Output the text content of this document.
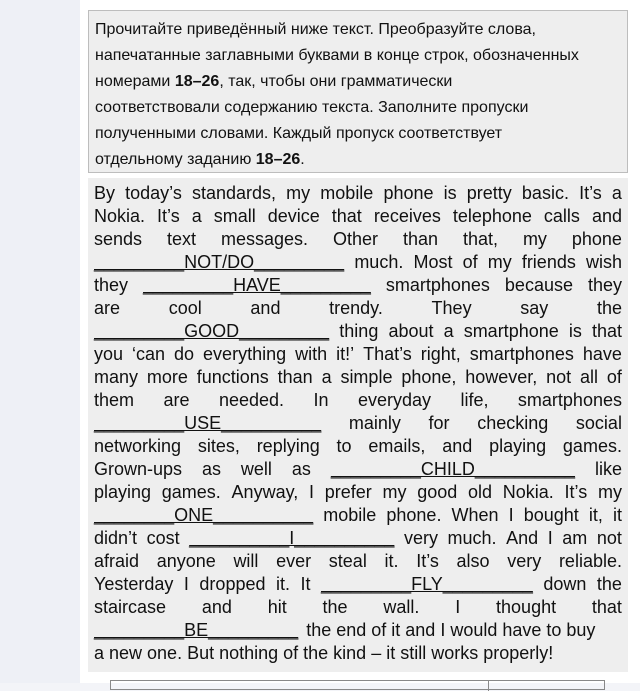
Прочитайте приведённый ниже текст. Преобразуйте слова,

напечатанные заглавными буквами в конце строк, обозначенных

номерами 18–26, так, чтобы они грамматически

соответствовали содержанию текста. Заполните пропуски

полученными словами. Каждый пропуск соответствует

отдельному заданию 18–26.

By today’s standards, my mobile phone is pretty basic. It’s a
Nokia. It’s a small device that receives telephone calls and
sends text messages. Other than that, my phone
_________NOT/DO_________ much. Most of my friends wish
they _________HAVE_________ smartphones because they
are	cool	and	trendy.	They	say	the
_________GOOD_________ thing about a smartphone is that
you ‘can do everything with it!’ That’s right, smartphones have
many more functions than a simple phone, however, not all of
them are needed. In everyday life, smartphones
_________USE__________ mainly for checking social
networking sites, replying to emails, and playing games.
Grown-ups as well as _________CHILD__________ like
playing games. Anyway, I prefer my good old Nokia. It’s my
________ONE__________ mobile phone. When I bought it, it
didn’t cost __________I__________ very much. And I am not
afraid anyone will ever steal it. It’s also very reliable.
Yesterday I dropped it. It _________FLY_________ down the
staircase and hit the wall. I thought that
_________BE_________ the end of it and I would have to buy
a new one. But nothing of the kind – it still works properly!
